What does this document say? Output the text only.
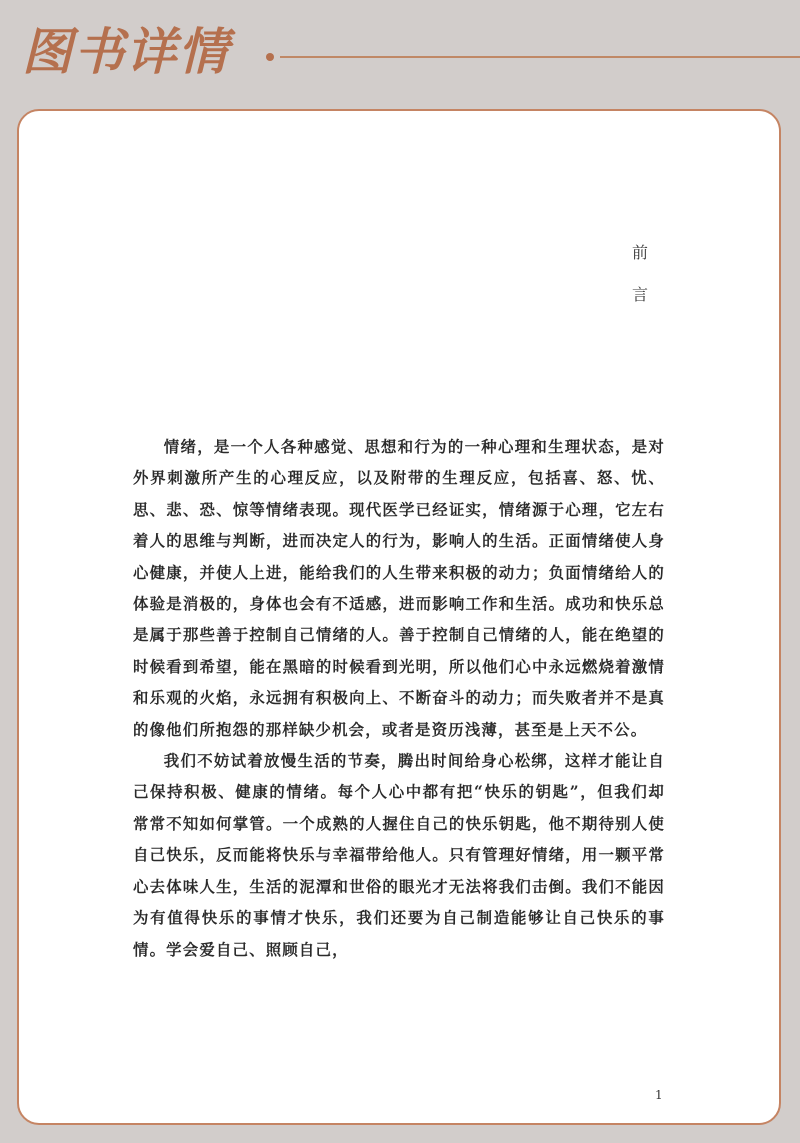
图书详情
前
言

情绪，是一个人各种感觉、思想和行为的一种心理和生理状态，是对外界刺激所产生的心理反应，以及附带的生理反应，包括喜、怒、忧、思、悲、恐、惊等情绪表现。现代医学已经证实，情绪源于心理，它左右着人的思维与判断，进而决定人的行为，影响人的生活。正面情绪使人身心健康，并使人上进，能给我们的人生带来积极的动力；负面情绪给人的体验是消极的，身体也会有不适感，进而影响工作和生活。成功和快乐总是属于那些善于控制自己情绪的人。善于控制自己情绪的人，能在绝望的时候看到希望，能在黑暗的时候看到光明，所以他们心中永远燃烧着激情和乐观的火焰，永远拥有积极向上、不断奋斗的动力；而失败者并不是真的像他们所抱怨的那样缺少机会，或者是资历浅薄，甚至是上天不公。

我们不妨试着放慢生活的节奏，腾出时间给身心松绑，这样才能让自己保持积极、健康的情绪。每个人心中都有把“快乐的钥匙”，但我们却常常不知如何掌管。一个成熟的人握住自己的快乐钥匙，他不期待别人使自己快乐，反而能将快乐与幸福带给他人。只有管理好情绪，用一颗平常心去体味人生，生活的泥潭和世俗的眼光才无法将我们击倒。我们不能因为有值得快乐的事情才快乐，我们还要为自己制造能够让自己快乐的事情。学会爱自己、照顾自己，

1
